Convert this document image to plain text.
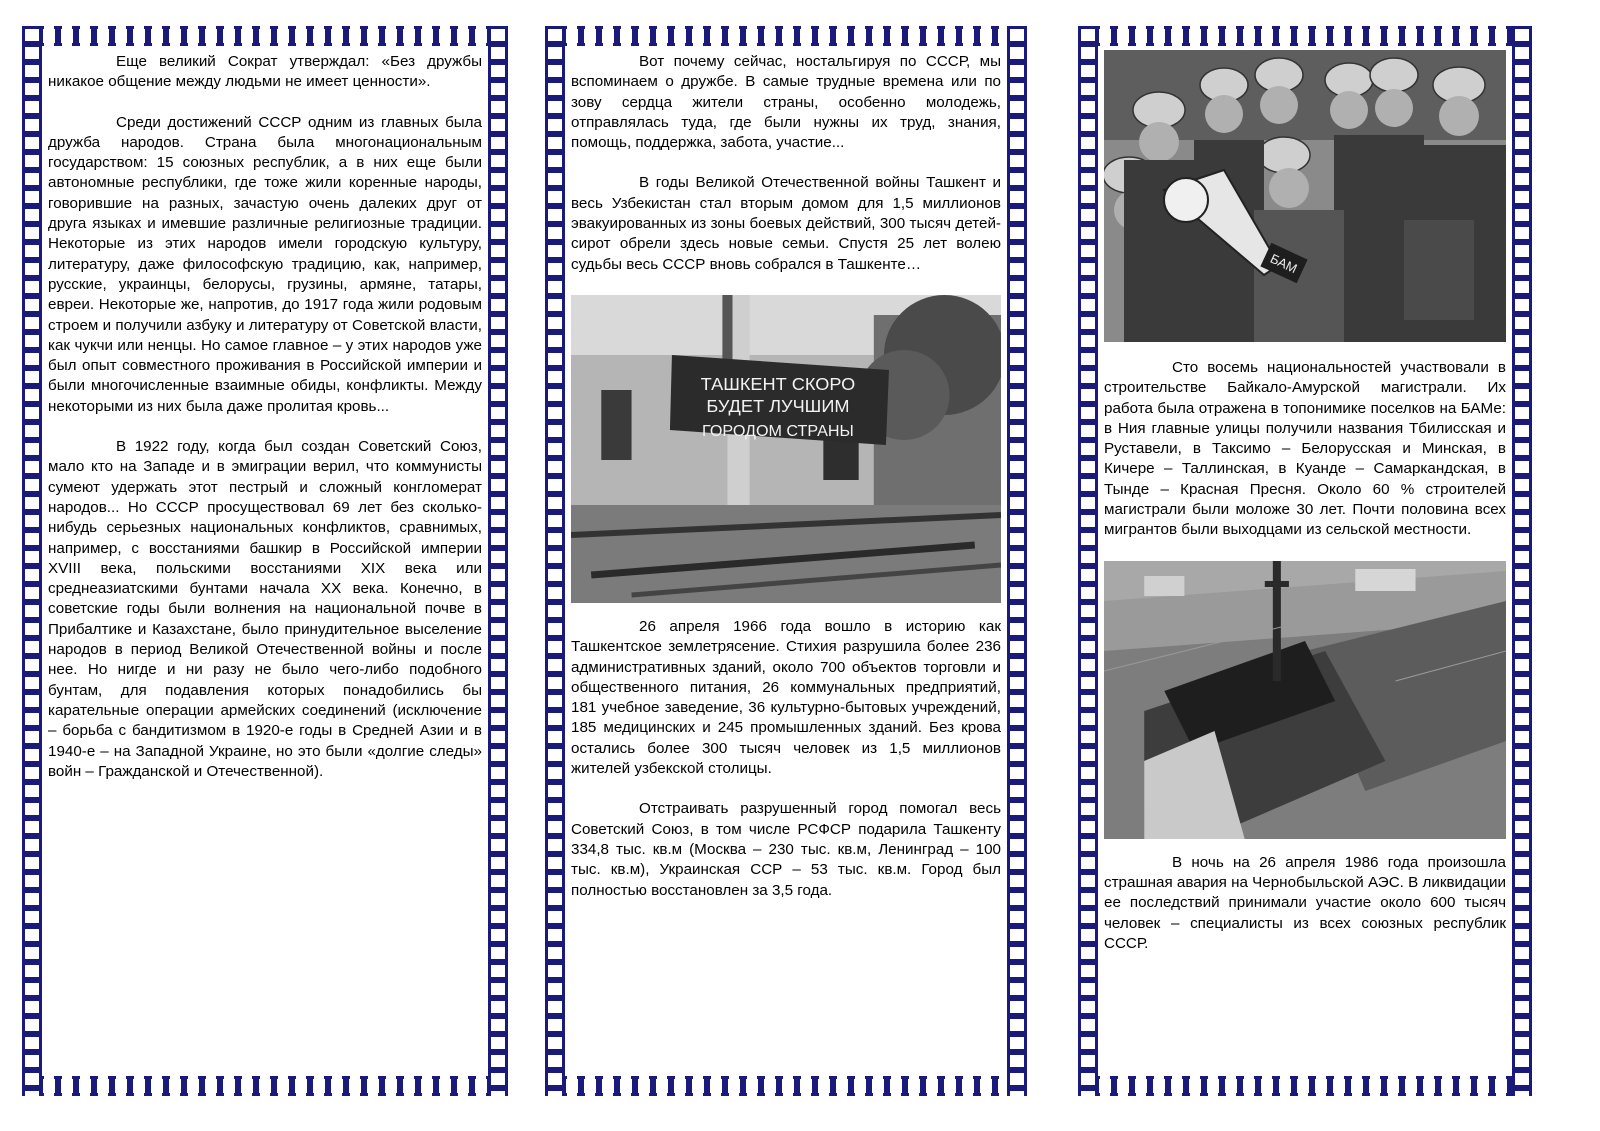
Еще великий Сократ утверждал: «Без дружбы никакое общение между людьми не имеет ценности».

Среди достижений СССР одним из главных была дружба народов. Страна была многонациональным государством: 15 союзных республик, а в них еще были автономные республики, где тоже жили коренные народы, говорившие на разных, зачастую очень далеких друг от друга языках и имевшие различные религиозные традиции. Некоторые из этих народов имели городскую культуру, литературу, даже философскую традицию, как, например, русские, украинцы, белорусы, грузины, армяне, татары, евреи. Некоторые же, напротив, до 1917 года жили родовым строем и получили азбуку и литературу от Советской власти, как чукчи или ненцы. Но самое главное – у этих народов уже был опыт совместного проживания в Российской империи и были многочисленные взаимные обиды, конфликты. Между некоторыми из них была даже пролитая кровь...

В 1922 году, когда был создан Советский Союз, мало кто на Западе и в эмиграции верил, что коммунисты сумеют удержать этот пестрый и сложный конгломерат народов... Но СССР просуществовал 69 лет без сколько-нибудь серьезных национальных конфликтов, сравнимых, например, с восстаниями башкир в Российской империи XVIII века, польскими восстаниями XIX века или среднеазиатскими бунтами начала XX века. Конечно, в советские годы были волнения на национальной почве в Прибалтике и Казахстане, было принудительное выселение народов в период Великой Отечественной войны и после нее. Но нигде и ни разу не было чего-либо подобного бунтам, для подавления которых понадобились бы карательные операции армейских соединений (исключение – борьба с бандитизмом в 1920-е годы в Средней Азии и в 1940-е – на Западной Украине, но это были «долгие следы» войн – Гражданской и Отечественной).

Вот почему сейчас, ностальгируя по СССР, мы вспоминаем о дружбе. В самые трудные времена или по зову сердца жители страны, особенно молодежь, отправлялась туда, где были нужны их труд, знания, помощь, поддержка, забота, участие...

В годы Великой Отечественной войны Ташкент и весь Узбекистан стал вторым домом для 1,5 миллионов эвакуированных из зоны боевых действий, 300 тысяч детей-сирот обрели здесь новые семьи. Спустя 25 лет волею судьбы весь СССР вновь собрался в Ташкенте…

ТАШКЕНТ СКОРО
БУДЕТ ЛУЧШИМ
ГОРОДОМ СТРАНЫ

26 апреля 1966 года вошло в историю как Ташкентское землетрясение. Стихия разрушила более 236 административных зданий, около 700 объектов торговли и общественного питания, 26 коммунальных предприятий, 181 учебное заведение, 36 культурно-бытовых учреждений, 185 медицинских и 245 промышленных зданий. Без крова остались более 300 тысяч человек из 1,5 миллионов жителей узбекской столицы.

Отстраивать разрушенный город помогал весь Советский Союз, в том числе РСФСР подарила Ташкенту 334,8 тыс. кв.м (Москва – 230 тыс. кв.м, Ленинград – 100 тыс. кв.м), Украинская ССР – 53 тыс. кв.м. Город был полностью восстановлен за 3,5 года.

БАМ

Сто восемь национальностей участвовали в строительстве Байкало-Амурской магистрали. Их работа была отражена в топонимике поселков на БАМе: в Ния главные улицы получили названия Тбилисская и Руставели, в Таксимо – Белорусская и Минская, в Кичере – Таллинская, в Куанде – Самаркандская, в Тынде – Красная Пресня. Около 60 % строителей магистрали были моложе 30 лет. Почти половина всех мигрантов были выходцами из сельской местности.

В ночь на 26 апреля 1986 года произошла страшная авария на Чернобыльской АЭС. В ликвидации ее последствий принимали участие около 600 тысяч человек – специалисты из всех союзных республик СССР.
